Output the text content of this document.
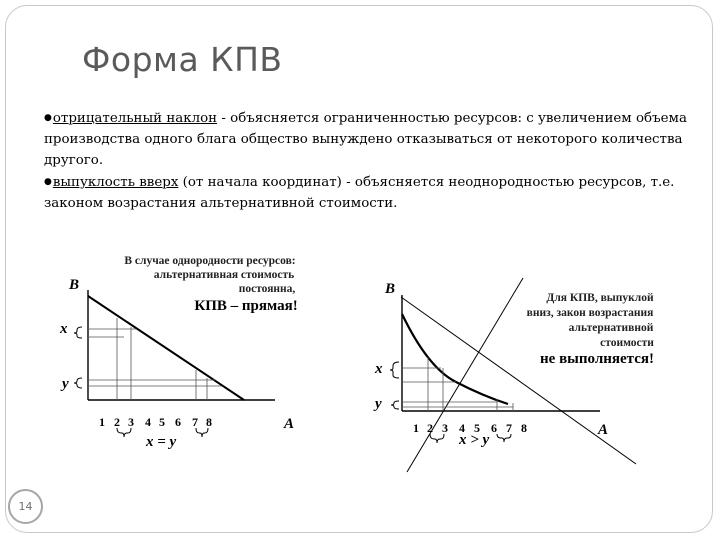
Форма КПВ

●отрицательный наклон - объясняется ограниченностью ресурсов: с увеличением объема производства одного блага общество вынуждено отказываться от некоторого количества другого.

●выпуклость вверх (от начала координат) - объясняется неоднородностью ресурсов, т.е. законом возрастания альтернативной стоимости.

В случае однородности ресурсов:
альтернативная стоимость
постоянна,
КПВ – прямая!
В
А
x
y
1 2 3 4 5 6 7 8
x = y
Для КПВ, выпуклой
вниз, закон возрастания
альтернативной
стоимости
не выполняется!
В
А
x
y
1 2 3 4 5 6 7 8
x > y
14
